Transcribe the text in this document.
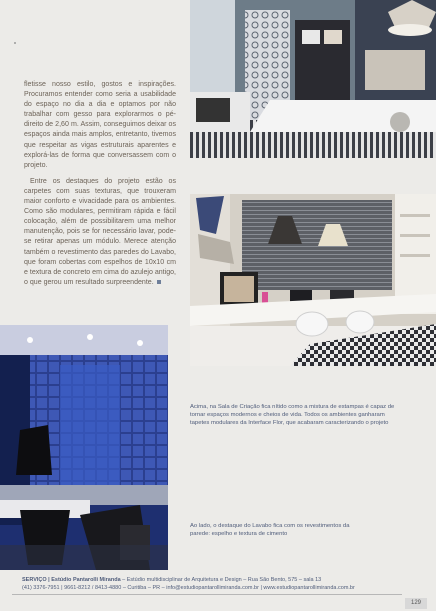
fletisse nosso estilo, gostos e inspirações. Procuramos entender como seria a usabilidade do espaço no dia a dia e optamos por não trabalhar com gesso para explorarmos o pé-direito de 2,60 m. Assim, conseguimos deixar os espaços ainda mais amplos, entretanto, tivemos que respeitar as vigas estruturais aparentes e explorá-las de forma que conversassem com o projeto.

Entre os destaques do projeto estão os carpetes com suas texturas, que trouxeram maior conforto e vivacidade para os ambientes. Como são modulares, permitiram rápida e fácil colocação, além de possibilitarem uma melhor manutenção, pois se for necessário lavar, pode-se retirar apenas um módulo. Merece atenção também o revestimento das paredes do Lavabo, que foram cobertas com espelhos de 10x10 cm e textura de concreto em cima do azulejo antigo, o que gerou um resultado surpreendente.

Acima, na Sala de Criação fica nítido como a mistura de estampas é capaz de tornar espaços modernos e cheios de vida. Todos os ambientes ganharam tapetes modulares da Interface Flor, que acabaram caracterizando o projeto
Ao lado, o destaque do Lavabo fica com os revestimentos da parede: espelho e textura de cimento
SERVIÇO | Estúdio Pantarolli Miranda – Estúdio multidisciplinar de Arquitetura e Design – Rua São Bento, 575 – sala 13
(41) 3376-7951 | 9661-8212 / 8413-4880 – Curitiba – PR – info@estudiopantarollimiranda.com.br | www.estudiopantarollimiranda.com.br
129
